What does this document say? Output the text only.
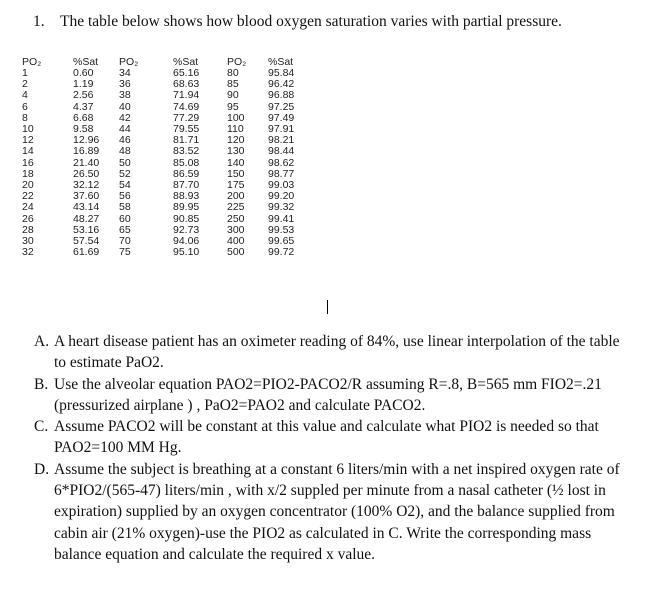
1. The table below shows how blood oxygen saturation varies with partial pressure.
PO₂	%Sat	PO₂	%Sat	PO₂	%Sat
1	0.60	34	65.16	80	95.84
2	1.19	36	68.63	85	96.42
4	2.56	38	71.94	90	96.88
6	4.37	40	74.69	95	97.25
8	6.68	42	77.29	100	97.49
10	9.58	44	79.55	110	97.91
12	12.96	46	81.71	120	98.21
14	16.89	48	83.52	130	98.44
16	21.40	50	85.08	140	98.62
18	26.50	52	86.59	150	98.77
20	32.12	54	87.70	175	99.03
22	37.60	56	88.93	200	99.20
24	43.14	58	89.95	225	99.32
26	48.27	60	90.85	250	99.41
28	53.16	65	92.73	300	99.53
30	57.54	70	94.06	400	99.65
32	61.69	75	95.10	500	99.72
A. A heart disease patient has an oximeter reading of 84%, use linear interpolation of the table to estimate PaO2.
B. Use the alveolar equation PAO2=PIO2-PACO2/R assuming R=.8, B=565 mm FIO2=.21 (pressurized airplane ) , PaO2=PAO2 and calculate PACO2.
C. Assume PACO2 will be constant at this value and calculate what PIO2 is needed so that PAO2=100 MM Hg.
D. Assume the subject is breathing at a constant 6 liters/min with a net inspired oxygen rate of 6*PIO2/(565-47) liters/min , with x/2 suppled per minute from a nasal catheter (½ lost in expiration) supplied by an oxygen concentrator (100% O2), and the balance supplied from cabin air (21% oxygen)-use the PIO2 as calculated in C. Write the corresponding mass balance equation and calculate the required x value.
